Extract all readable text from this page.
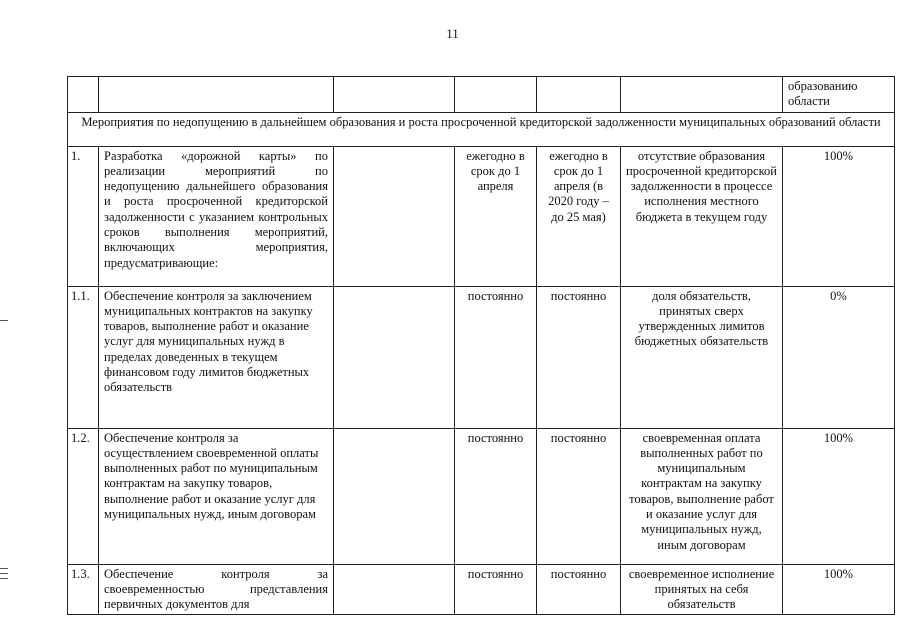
11
						образованию области
Мероприятия по недопущению в дальнейшем образования и роста просроченной кредиторской задолженности муниципальных образований области						
1.	Разработка «дорожной карты» по реализации мероприятий по недопущению дальнейшего образования и роста просроченной кредиторской задолженности с указанием контрольных сроков выполнения мероприятий, включающих мероприятия, предусматривающие:		ежегодно в срок до 1 апреля	ежегодно в срок до 1 апреля (в 2020 году – до 25 мая)	отсутствие образования просроченной кредиторской задолженности в процессе исполнения местного бюджета в текущем году	100%
1.1.	Обеспечение контроля за заключением муниципальных контрактов на закупку товаров, выполнение работ и оказание услуг для муниципальных нужд в пределах доведенных в текущем финансовом году лимитов бюджетных обязательств		постоянно	постоянно	доля обязательств, принятых сверх утвержденных лимитов бюджетных обязательств	0%
1.2.	Обеспечение контроля за осуществлением своевременной оплаты выполненных работ по муниципальным контрактам на закупку товаров, выполнение работ и оказание услуг для муниципальных нужд, иным договорам		постоянно	постоянно	своевременная оплата выполненных работ по муниципальным контрактам на закупку товаров, выполнение работ и оказание услуг для муниципальных нужд, иным договорам	100%
1.3.	Обеспечение контроля за своевременностью представления первичных документов для		постоянно	постоянно	своевременное исполнение принятых на себя обязательств	100%
